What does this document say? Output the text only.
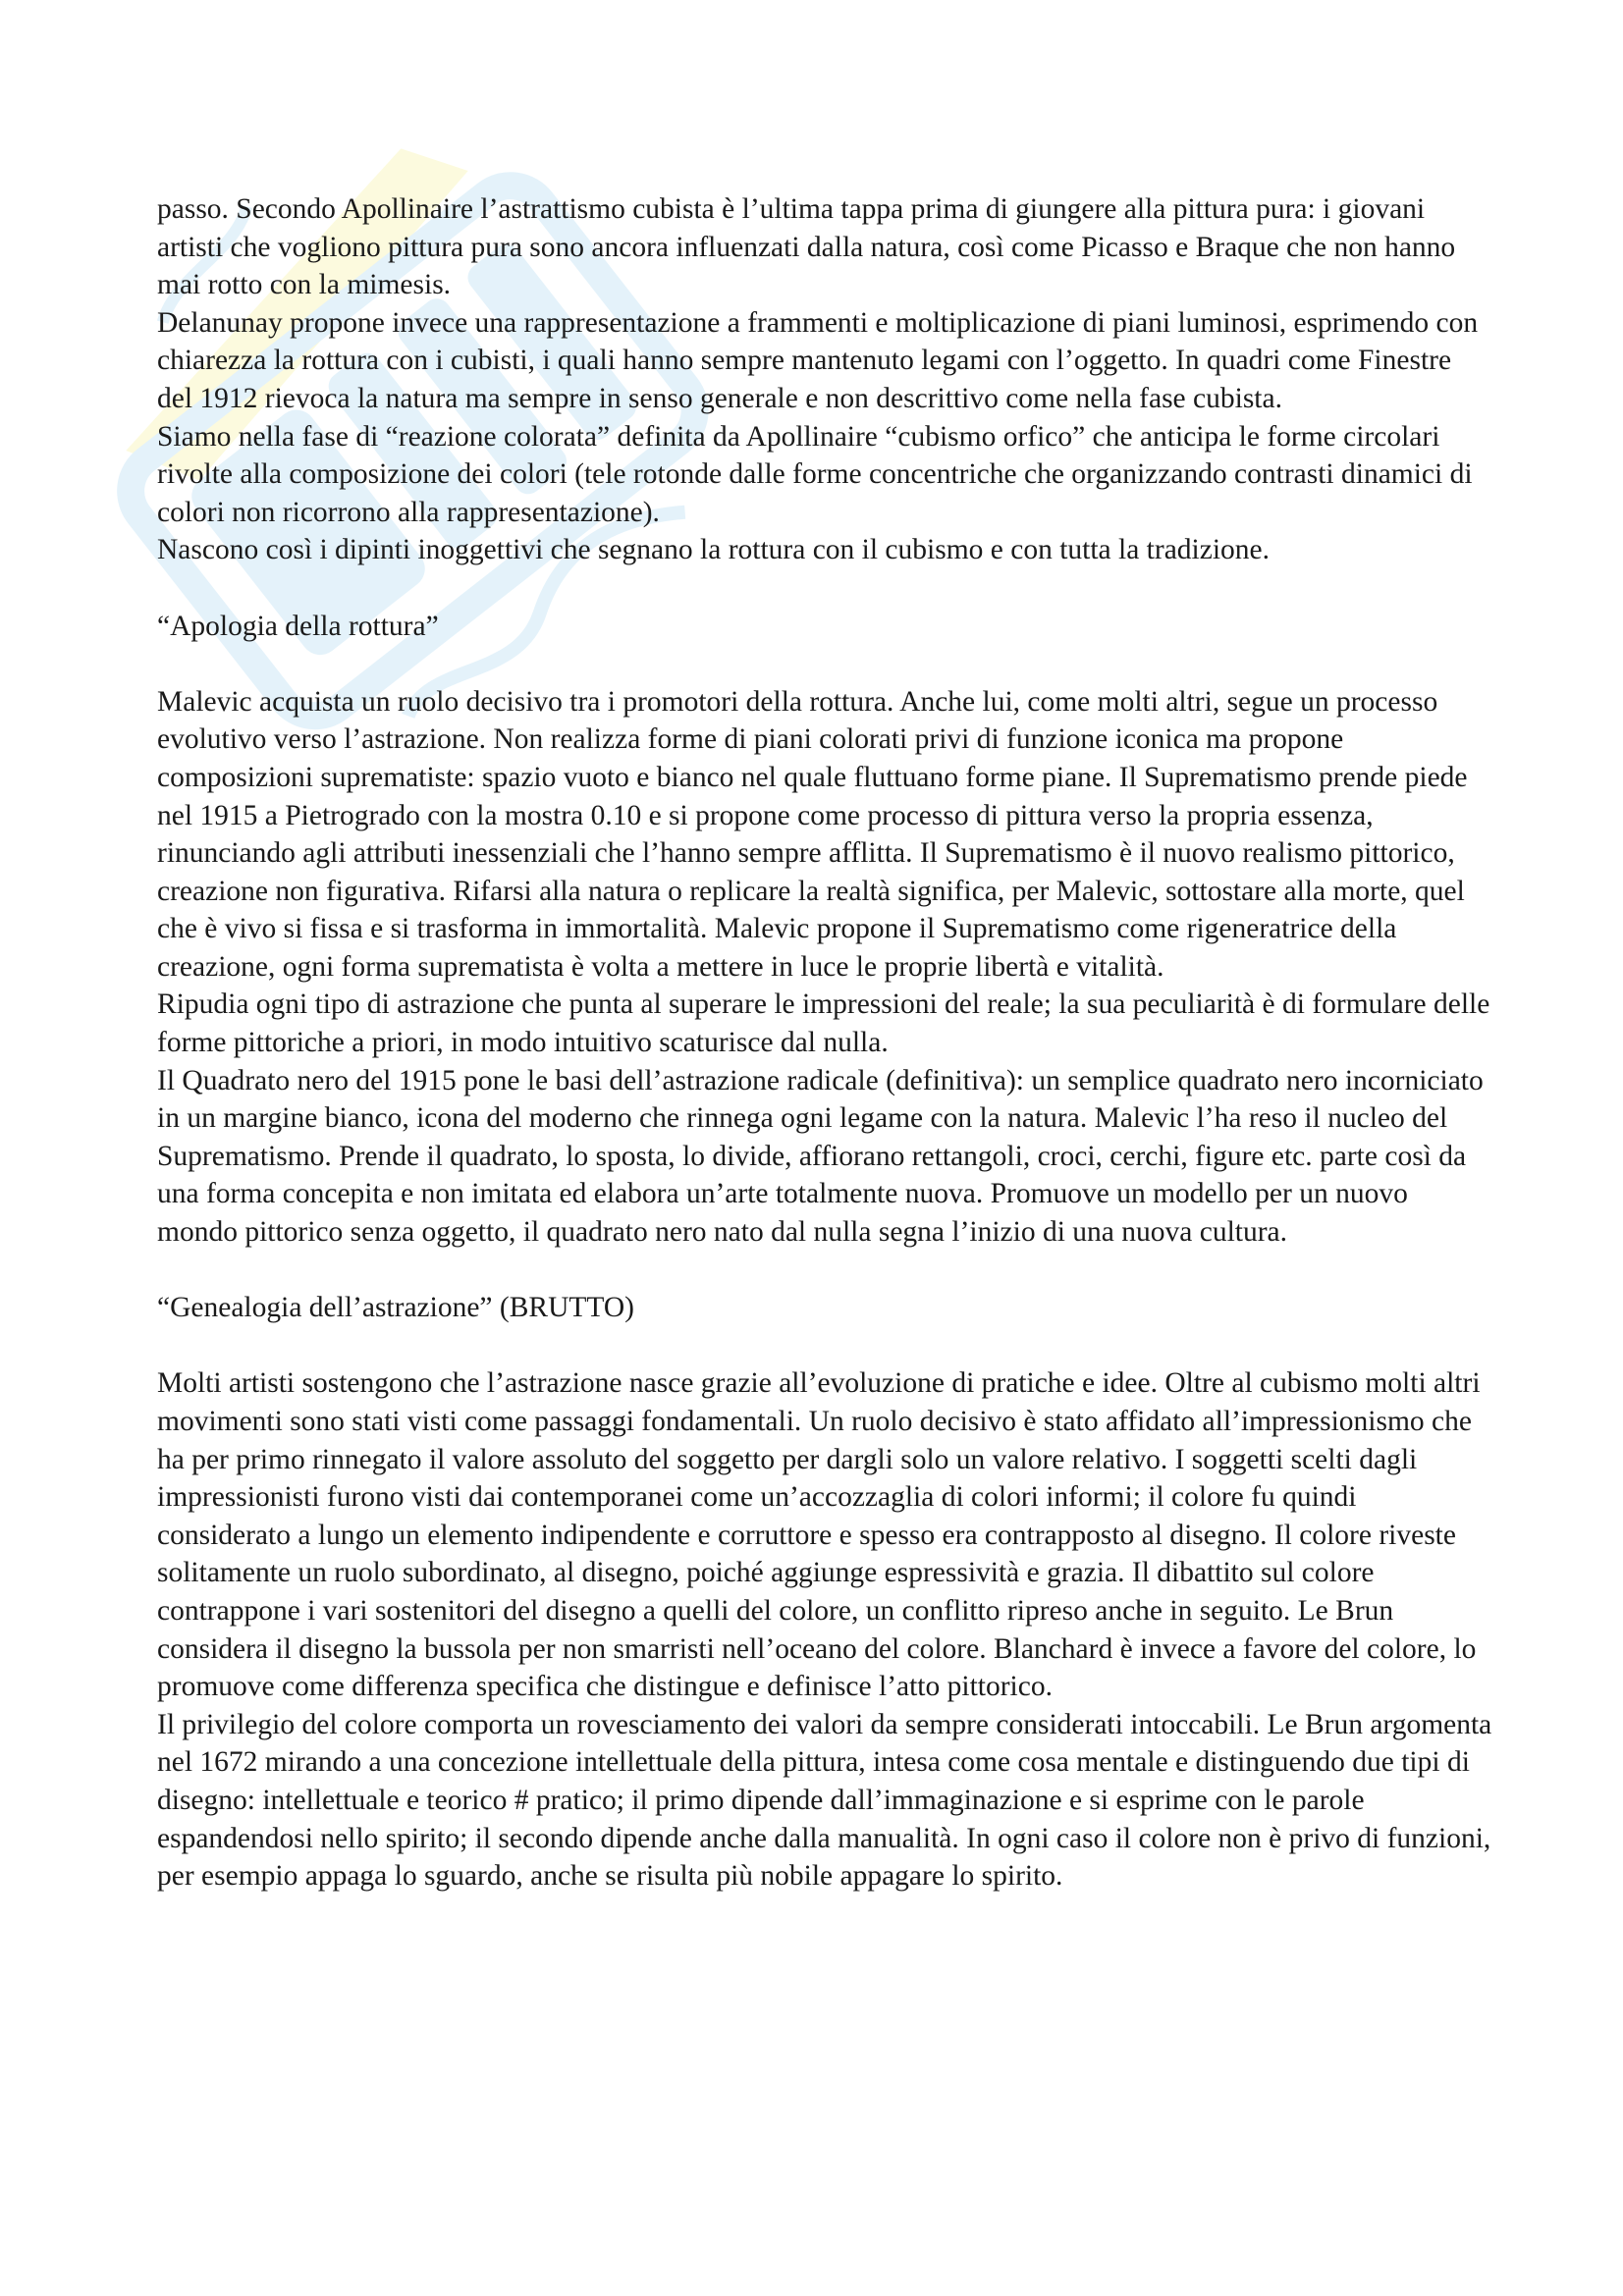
passo. Secondo Apollinaire l’astrattismo cubista è l’ultima tappa prima di giungere alla pittura pura: i giovani artisti che vogliono pittura pura sono ancora influenzati dalla natura, così come Picasso e Braque che non hanno mai rotto con la mimesis.

Delanunay propone invece una rappresentazione a frammenti e moltiplicazione di piani luminosi, esprimendo con chiarezza la rottura con i cubisti, i quali hanno sempre mantenuto legami con l’oggetto. In quadri come Finestre del 1912 rievoca la natura ma sempre in senso generale e non descrittivo come nella fase cubista.

Siamo nella fase di “reazione colorata” definita da Apollinaire “cubismo orfico” che anticipa le forme circolari rivolte alla composizione dei colori (tele rotonde dalle forme concentriche che organizzando contrasti dinamici di colori non ricorrono alla rappresentazione).

Nascono così i dipinti inoggettivi che segnano la rottura con il cubismo e con tutta la tradizione.

“Apologia della rottura”

Malevic acquista un ruolo decisivo tra i promotori della rottura. Anche lui, come molti altri, segue un processo evolutivo verso l’astrazione. Non realizza forme di piani colorati privi di funzione iconica ma propone composizioni suprematiste: spazio vuoto e bianco nel quale fluttuano forme piane. Il Suprematismo prende piede nel 1915 a Pietrogrado con la mostra 0.10 e si propone come processo di pittura verso la propria essenza, rinunciando agli attributi inessenziali che l’hanno sempre afflitta. Il Suprematismo è il nuovo realismo pittorico, creazione non figurativa. Rifarsi alla natura o replicare la realtà significa, per Malevic, sottostare alla morte, quel che è vivo si fissa e si trasforma in immortalità. Malevic propone il Suprematismo come rigeneratrice della creazione, ogni forma suprematista è volta a mettere in luce le proprie libertà e vitalità.

Ripudia ogni tipo di astrazione che punta al superare le impressioni del reale; la sua peculiarità è di formulare delle forme pittoriche a priori, in modo intuitivo scaturisce dal nulla.

Il Quadrato nero del 1915 pone le basi dell’astrazione radicale (definitiva): un semplice quadrato nero incorniciato in un margine bianco, icona del moderno che rinnega ogni legame con la natura. Malevic l’ha reso il nucleo del Suprematismo. Prende il quadrato, lo sposta, lo divide, affiorano rettangoli, croci, cerchi, figure etc. parte così da una forma concepita e non imitata ed elabora un’arte totalmente nuova. Promuove un modello per un nuovo mondo pittorico senza oggetto, il quadrato nero nato dal nulla segna l’inizio di una nuova cultura.

“Genealogia dell’astrazione” (BRUTTO)

Molti artisti sostengono che l’astrazione nasce grazie all’evoluzione di pratiche e idee. Oltre al cubismo molti altri movimenti sono stati visti come passaggi fondamentali. Un ruolo decisivo è stato affidato all’impressionismo che ha per primo rinnegato il valore assoluto del soggetto per dargli solo un valore relativo. I soggetti scelti dagli impressionisti furono visti dai contemporanei come un’accozzaglia di colori informi; il colore fu quindi considerato a lungo un elemento indipendente e corruttore e spesso era contrapposto al disegno. Il colore riveste solitamente un ruolo subordinato, al disegno, poiché aggiunge espressività e grazia. Il dibattito sul colore contrappone i vari sostenitori del disegno a quelli del colore, un conflitto ripreso anche in seguito. Le Brun considera il disegno la bussola per non smarristi nell’oceano del colore. Blanchard è invece a favore del colore, lo promuove come differenza specifica che distingue e definisce l’atto pittorico.

Il privilegio del colore comporta un rovesciamento dei valori da sempre considerati intoccabili. Le Brun argomenta nel 1672 mirando a una concezione intellettuale della pittura, intesa come cosa mentale e distinguendo due tipi di disegno: intellettuale e teorico # pratico; il primo dipende dall’immaginazione e si esprime con le parole espandendosi nello spirito; il secondo dipende anche dalla manualità. In ogni caso il colore non è privo di funzioni, per esempio appaga lo sguardo, anche se risulta più nobile appagare lo spirito.
